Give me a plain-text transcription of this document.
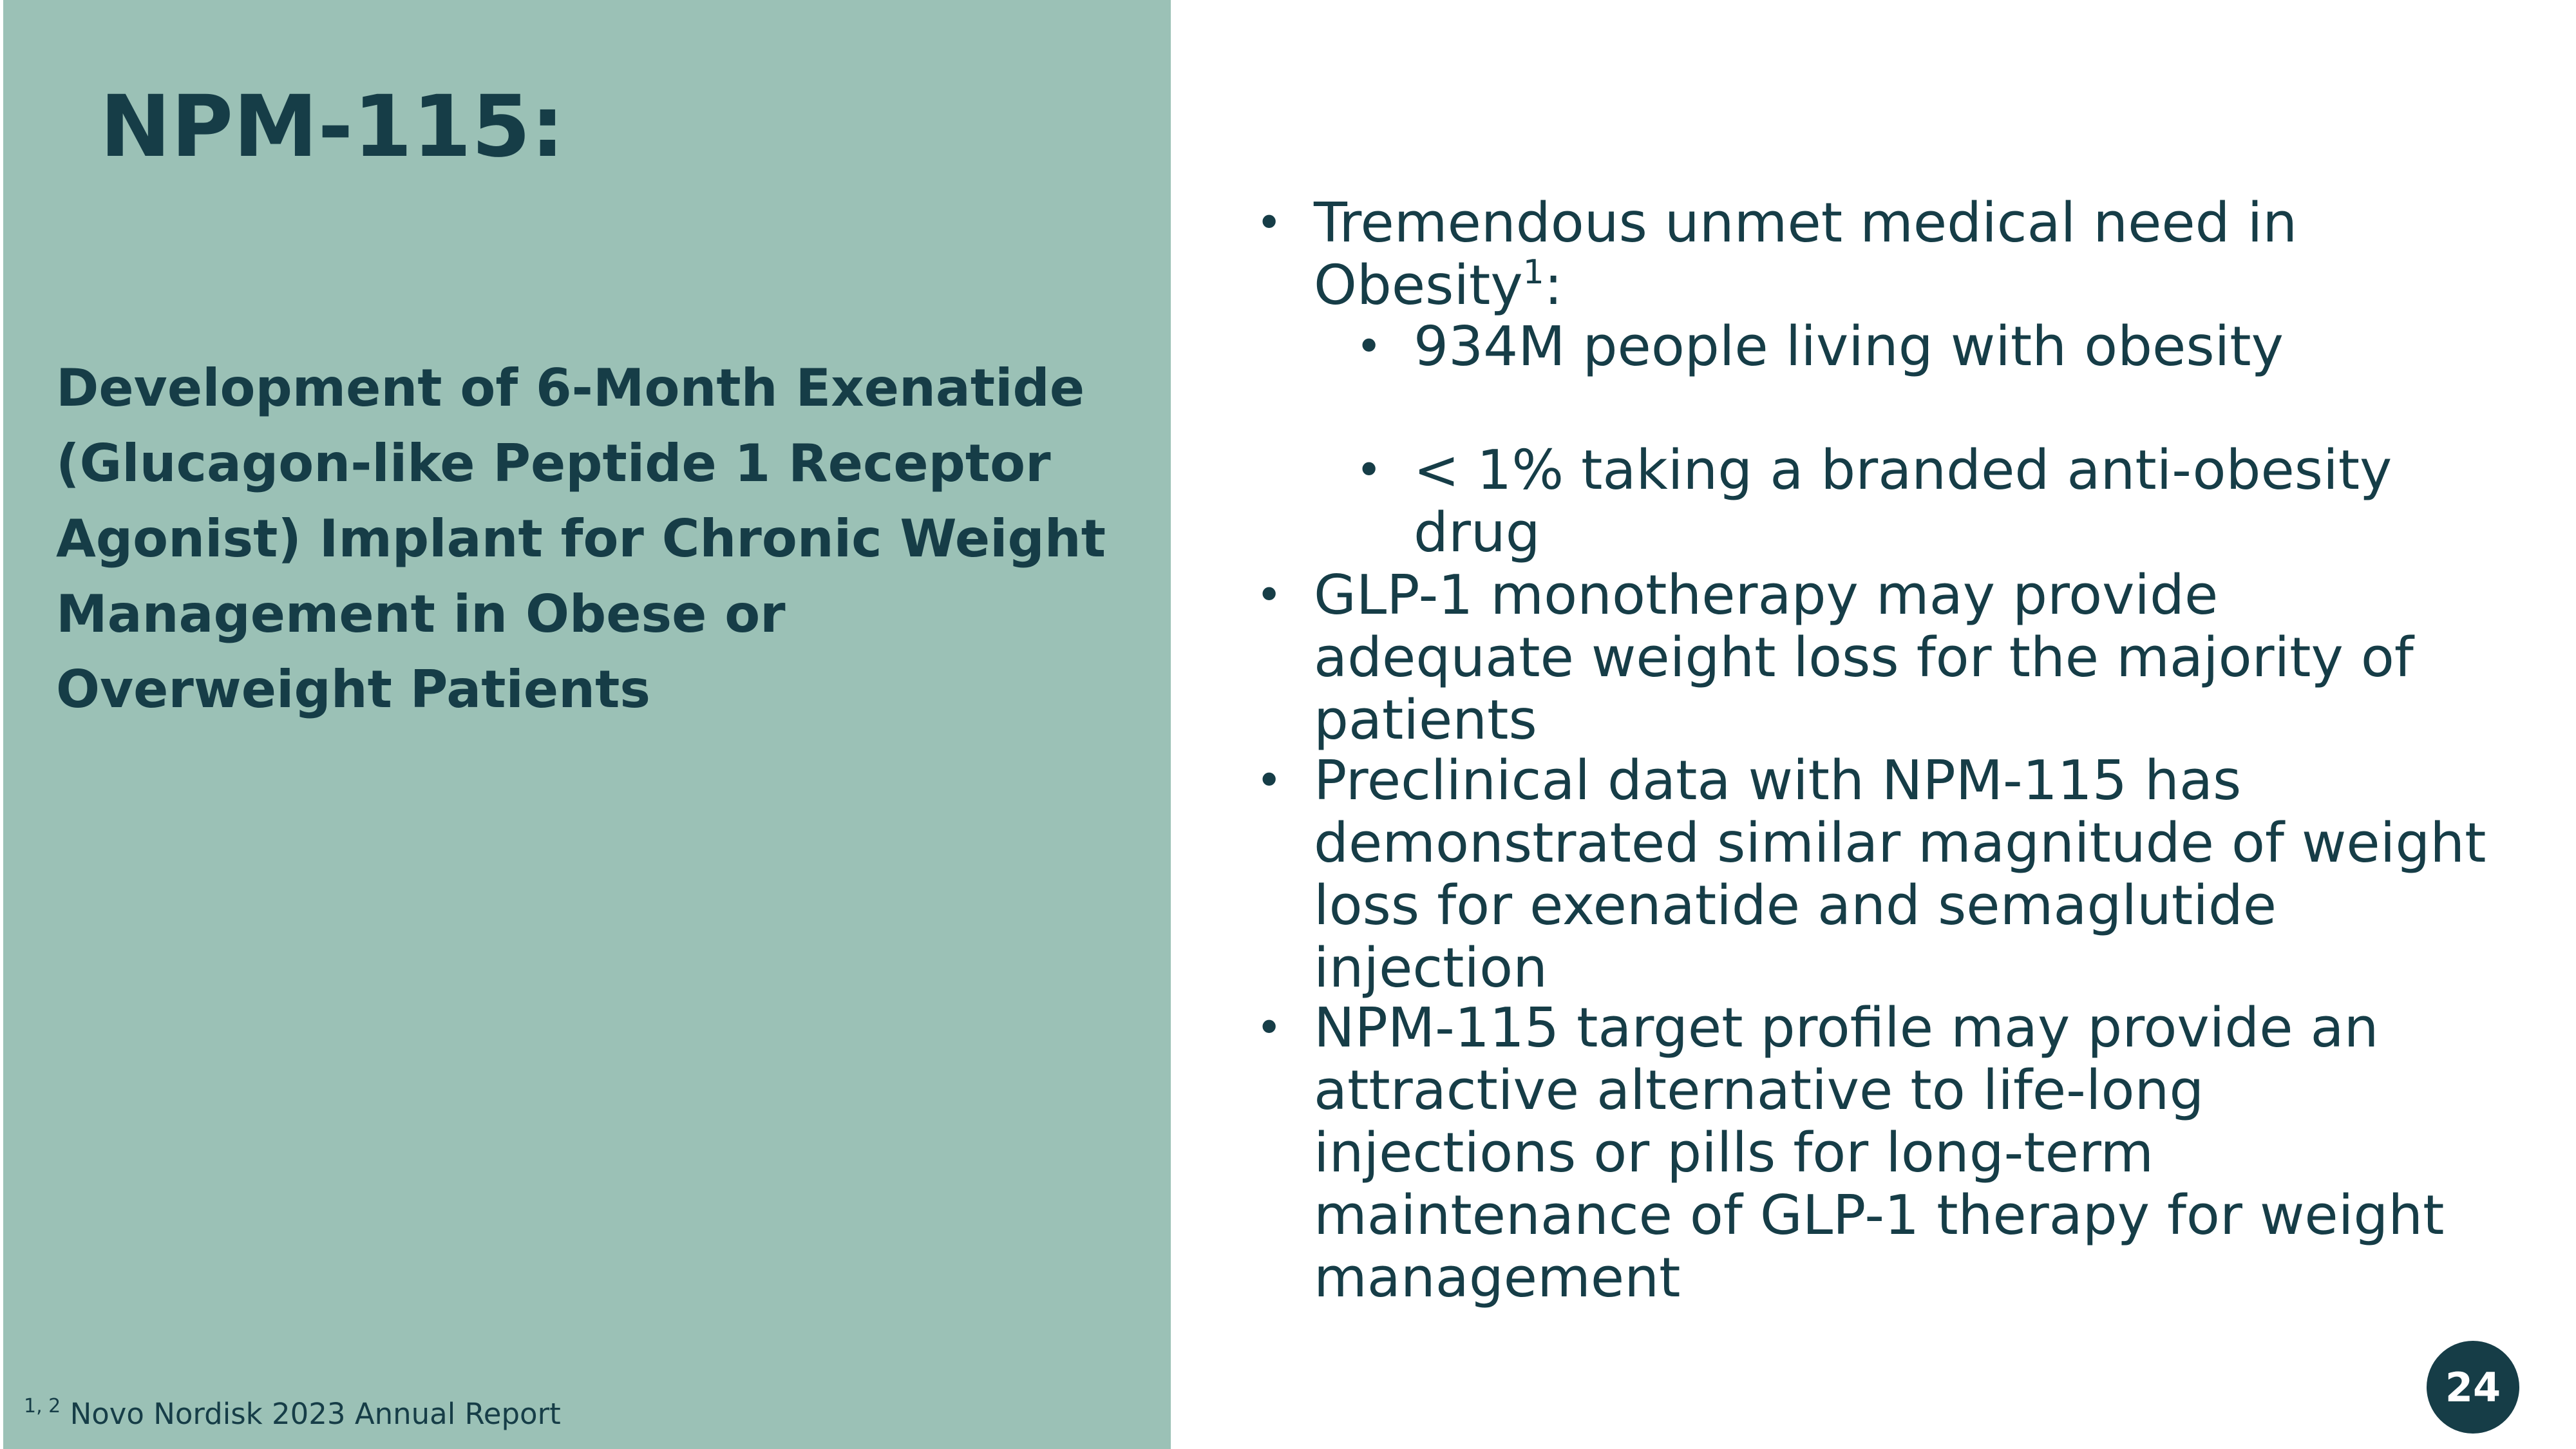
NPM-115:

Development of 6-Month Exenatide (Glucagon-like Peptide 1 Receptor Agonist) Implant for Chronic Weight Management in Obese or Overweight Patients

$^{1, 2}$ Novo Nordisk 2023 Annual Report
• Tremendous unmet medical need in Obesity$^1$:
• 934M people living with obesity
• < 1% taking a branded anti-obesity drug
• GLP-1 monotherapy may provide adequate weight loss for the majority of patients
• Preclinical data with NPM-115 has demonstrated similar magnitude of weight loss for exenatide and semaglutide injection
• NPM-115 target profile may provide an attractive alternative to life-long injections or pills for long-term maintenance of GLP-1 therapy for weight management
24
